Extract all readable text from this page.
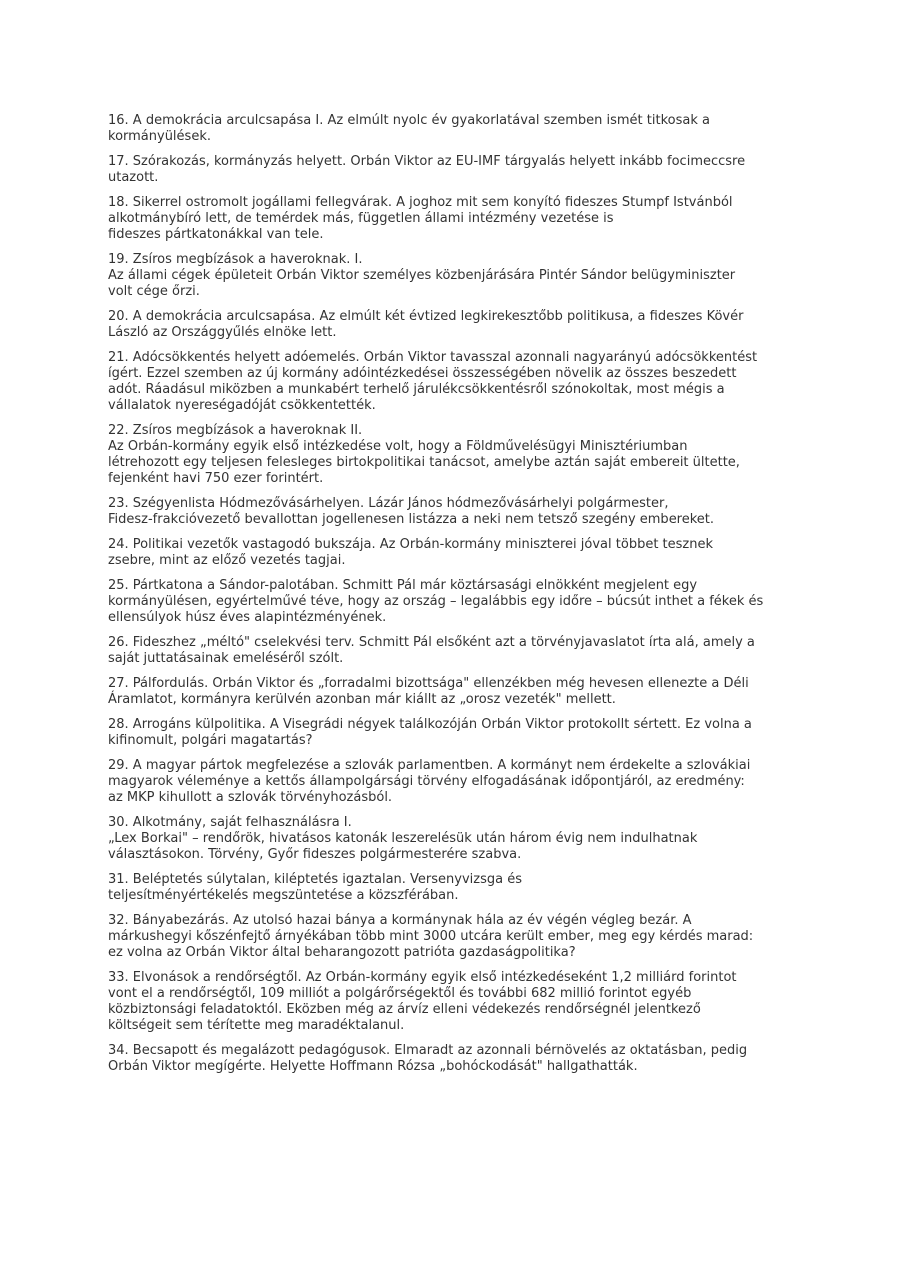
16. A demokrácia arculcsapása I. Az elmúlt nyolc év gyakorlatával szemben ismét titkosak a
kormányülések.
17. Szórakozás, kormányzás helyett. Orbán Viktor az EU-IMF tárgyalás helyett inkább focimeccsre
utazott.
18. Sikerrel ostromolt jogállami fellegvárak. A joghoz mit sem konyító fideszes Stumpf Istvánból
alkotmánybíró lett, de temérdek más, független állami intézmény vezetése is
fideszes pártkatonákkal van tele.
19. Zsíros megbízások a haveroknak. I.
Az állami cégek épületeit Orbán Viktor személyes közbenjárására Pintér Sándor belügyminiszter
volt cége őrzi.
20. A demokrácia arculcsapása. Az elmúlt két évtized legkirekesztőbb politikusa, a fideszes Kövér
László az Országgyűlés elnöke lett.
21. Adócsökkentés helyett adóemelés. Orbán Viktor tavasszal azonnali nagyarányú adócsökkentést
ígért. Ezzel szemben az új kormány adóintézkedései összességében növelik az összes beszedett
adót. Ráadásul miközben a munkabért terhelő járulékcsökkentésről szónokoltak, most mégis a
vállalatok nyereségadóját csökkentették.
22. Zsíros megbízások a haveroknak II.
Az Orbán-kormány egyik első intézkedése volt, hogy a Földművelésügyi Minisztériumban
létrehozott egy teljesen felesleges birtokpolitikai tanácsot, amelybe aztán saját embereit ültette,
fejenként havi 750 ezer forintért.
23. Szégyenlista Hódmezővásárhelyen. Lázár János hódmezővásárhelyi polgármester,
Fidesz-frakcióvezető bevallottan jogellenesen listázza a neki nem tetsző szegény embereket.
24. Politikai vezetők vastagodó bukszája. Az Orbán-kormány miniszterei jóval többet tesznek
zsebre, mint az előző vezetés tagjai.
25. Pártkatona a Sándor-palotában. Schmitt Pál már köztársasági elnökként megjelent egy
kormányülésen, egyértelművé téve, hogy az ország – legalábbis egy időre – búcsút inthet a fékek és
ellensúlyok húsz éves alapintézményének.
26. Fideszhez „méltó" cselekvési terv. Schmitt Pál elsőként azt a törvényjavaslatot írta alá, amely a
saját juttatásainak emeléséről szólt.
27. Pálfordulás. Orbán Viktor és „forradalmi bizottsága" ellenzékben még hevesen ellenezte a Déli
Áramlatot, kormányra kerülvén azonban már kiállt az „orosz vezeték" mellett.
28. Arrogáns külpolitika. A Visegrádi négyek találkozóján Orbán Viktor protokollt sértett. Ez volna a
kifinomult, polgári magatartás?
29. A magyar pártok megfelezése a szlovák parlamentben. A kormányt nem érdekelte a szlovákiai
magyarok véleménye a kettős állampolgársági törvény elfogadásának időpontjáról, az eredmény:
az MKP kihullott a szlovák törvényhozásból.
30. Alkotmány, saját felhasználásra I.
„Lex Borkai" – rendőrök, hivatásos katonák leszerelésük után három évig nem indulhatnak
választásokon. Törvény, Győr fideszes polgármesterére szabva.
31. Beléptetés súlytalan, kiléptetés igaztalan. Versenyvizsga és
teljesítményértékelés megszüntetése a közszférában.
32. Bányabezárás. Az utolsó hazai bánya a kormánynak hála az év végén végleg bezár. A
márkushegyi kőszénfejtő árnyékában több mint 3000 utcára került ember, meg egy kérdés marad:
ez volna az Orbán Viktor által beharangozott patrióta gazdaságpolitika?
33. Elvonások a rendőrségtől. Az Orbán-kormány egyik első intézkedéseként 1,2 milliárd forintot
vont el a rendőrségtől, 109 milliót a polgárőrségektől és további 682 millió forintot egyéb
közbiztonsági feladatoktól. Eközben még az árvíz elleni védekezés rendőrségnél jelentkező
költségeit sem térítette meg maradéktalanul.
34. Becsapott és megalázott pedagógusok. Elmaradt az azonnali bérnövelés az oktatásban, pedig
Orbán Viktor megígérte. Helyette Hoffmann Rózsa „bohóckodását" hallgathatták.
